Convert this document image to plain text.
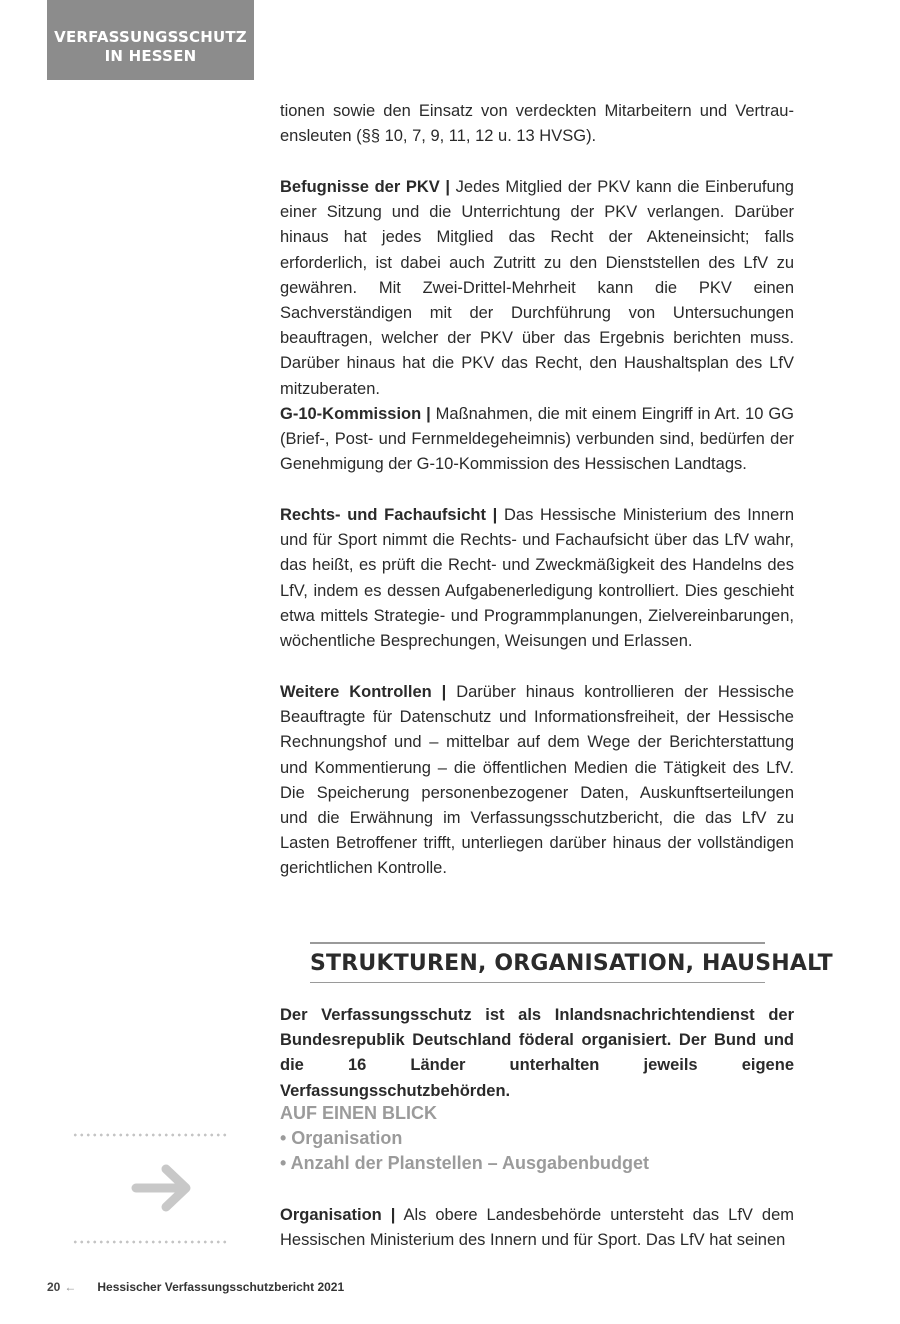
VERFASSUNGSSCHUTZ
IN HESSEN

tionen sowie den Einsatz von verdeckten Mitarbeitern und Vertrauensleuten (§§ 10, 7, 9, 11, 12 u. 13 HVSG).

Befugnisse der PKV | Jedes Mitglied der PKV kann die Einberufung einer Sitzung und die Unterrichtung der PKV verlangen. Darüber hinaus hat jedes Mitglied das Recht der Akteneinsicht; falls erforderlich, ist dabei auch Zutritt zu den Dienststellen des LfV zu gewähren. Mit Zwei-Drittel-Mehrheit kann die PKV einen Sachverständigen mit der Durchführung von Untersuchungen beauftragen, welcher der PKV über das Ergebnis berichten muss. Darüber hinaus hat die PKV das Recht, den Haushaltsplan des LfV mitzuberaten.

G-10-Kommission | Maßnahmen, die mit einem Eingriff in Art. 10 GG (Brief-, Post- und Fernmeldegeheimnis) verbunden sind, bedürfen der Genehmigung der G-10-Kommission des Hessischen Landtags.

Rechts- und Fachaufsicht | Das Hessische Ministerium des Innern und für Sport nimmt die Rechts- und Fachaufsicht über das LfV wahr, das heißt, es prüft die Recht- und Zweckmäßigkeit des Handelns des LfV, indem es dessen Aufgabenerledigung kontrolliert. Dies geschieht etwa mittels Strategie- und Programmplanungen, Zielvereinbarungen, wöchentliche Besprechungen, Weisungen und Erlassen.

Weitere Kontrollen | Darüber hinaus kontrollieren der Hessische Beauftragte für Datenschutz und Informationsfreiheit, der Hessische Rechnungshof und – mittelbar auf dem Wege der Berichterstattung und Kommentierung – die öffentlichen Medien die Tätigkeit des LfV. Die Speicherung personenbezogener Daten, Auskunftserteilungen und die Erwähnung im Verfassungsschutzbericht, die das LfV zu Lasten Betroffener trifft, unterliegen darüber hinaus der vollständigen gerichtlichen Kontrolle.

STRUKTUREN, ORGANISATION, HAUSHALT
Der Verfassungsschutz ist als Inlandsnachrichtendienst der Bundesrepublik Deutschland föderal organisiert. Der Bund und die 16 Länder unterhalten jeweils eigene Verfassungsschutzbehörden.
AUF EINEN BLICK
• Organisation
• Anzahl der Planstellen – Ausgabenbudget

Organisation | Als obere Landesbehörde untersteht das LfV dem Hessischen Ministerium des Innern und für Sport. Das LfV hat seinen

20 ← Hessischer Verfassungsschutzbericht 2021
